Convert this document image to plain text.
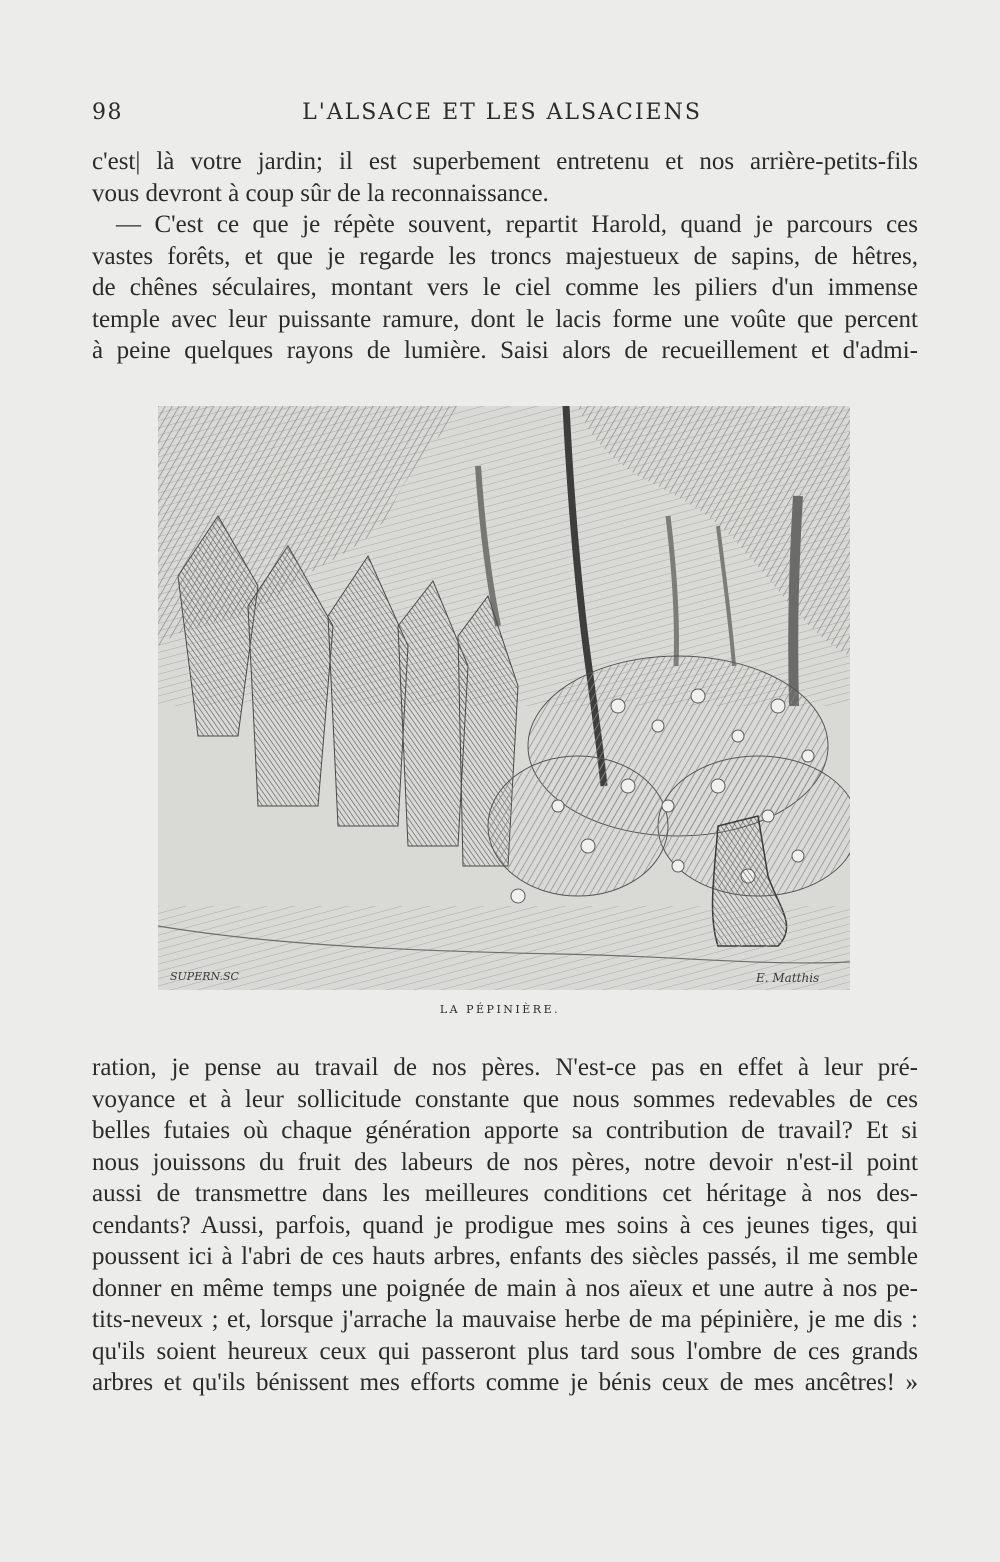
98	L'ALSACE ET LES ALSACIENS
c'est| là votre jardin; il est superbement entretenu et nos arrière-petits-fils
vous devront à coup sûr de la reconnaissance.
— C'est ce que je répète souvent, repartit Harold, quand je parcours ces
vastes forêts, et que je regarde les troncs majestueux de sapins, de hêtres,
de chênes séculaires, montant vers le ciel comme les piliers d'un immense
temple avec leur puissante ramure, dont le lacis forme une voûte que percent
à peine quelques rayons de lumière. Saisi alors de recueillement et d'admi-
SUPERN.SC	E. Matthis
LA PÉPINIÈRE.
ration, je pense au travail de nos pères. N'est-ce pas en effet à leur pré-
voyance et à leur sollicitude constante que nous sommes redevables de ces
belles futaies où chaque génération apporte sa contribution de travail? Et si
nous jouissons du fruit des labeurs de nos pères, notre devoir n'est-il point
aussi de transmettre dans les meilleures conditions cet héritage à nos des-
cendants? Aussi, parfois, quand je prodigue mes soins à ces jeunes tiges, qui
poussent ici à l'abri de ces hauts arbres, enfants des siècles passés, il me semble
donner en même temps une poignée de main à nos aïeux et une autre à nos pe-
tits-neveux ; et, lorsque j'arrache la mauvaise herbe de ma pépinière, je me dis :
qu'ils soient heureux ceux qui passeront plus tard sous l'ombre de ces grands
arbres et qu'ils bénissent mes efforts comme je bénis ceux de mes ancêtres! »
